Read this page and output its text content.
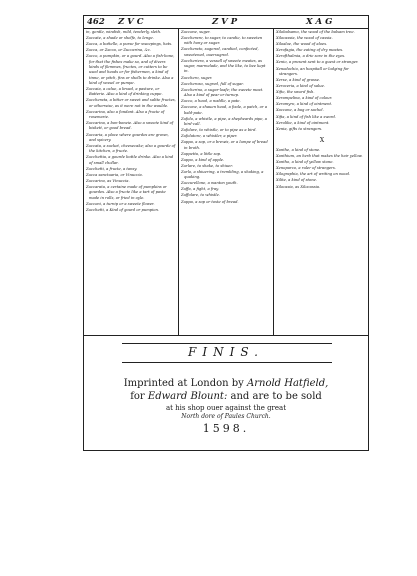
462 Z V C	Z V P	X A G

in, gentle, windish, mild, tenderly, sleth.

Zuccate, a shade or shelfe, to lenge.

Zucca, a bottelle, a purse for sweepings, hats.

Zucca, or Zacca, or Zuccarina, &c.

Zucco, a pumpkin, or a gourd. Also a fish-bone, for that the fishes make so, and of divers kinds of flemmes, fructes, or cutters to be used and heads or for fishermen, a kind of tinne, or pitch, fins or shells to drinke. Also a kind of vessel or pumpe.

Zuccaia, a calue, a broad, a pasture, or Batterie. Also a kind of drinking cuppe.

Zuccherata, a bitter or sweet and saltte fructes, or otherwise, as it were not in the woulde.

Zuccarina, also a fondant. Also a fructe of rosemarie.

Zuccarina, a bon-boneie. Also a sweete kind of biskett, or good bread.

Zuccaria, a place where gourdes are grown, and spicery.

Zuccata, a sucket, cheesecake; also a gourde of the kitchen, a fructe.

Zucchettia, a gourde bottle drinke. Also a kind of small chollar.

Zucchetti, a fructe, a tansy.

Zucca sanctuaria, or Vinuccia.

Zuccarino, as Vinuccia.

Zuccarata, a certaine made of pumpkins or gourdes. Also a fructe like a tart of paste made in rolls, or fried in oyle.

Zucconi, a turnip or a sweete flower.

Zucchetti, a Kind of gourd or pumpion.

Zuccone, suger.

Zuccherare, to sugar, to candie, to sweeten with hony or sugar.

Zuccherato, sugered, candied, confected, sweetened, ouersugred.

Zuccheriera, a vessell of sweete meates, as sugar, marmelade, and the like, to bee kept in.

Zucchero, suger.

Zuccheroso, sugred, full of sugar.

Zuccherino, a sugar-loafe; the sweete meat. Also a kind of pear or turnep.

Zucco, a head, a noddle, a pate.

Zuccone, a shauen head, a foole, a patch, or a bald-pate.

Zufolo, a whistle, a pipe, a shepheards pipe, a bird-call.

Zufolare, to whistle, or to pipe as a bird.

Zufolatore, a whistler, a piper.

Zuppa, a sop, or a brewis, or a lumpe of bread in broth.

Zuppetta, a little sop.

Zuppo, a kind of apple.

Zurlare, to shake, to shiuer.

Zurlo, a shiuering, a trembling, a shaking, a quaking.

Zuzzurellone, a wanton youth.

Zuffa, a fight, a fray.

Zuffolare, to whistle.

Zuppa, a sop or toste of bread.

Xilobalsamo, the wood of the balsam tree.

Xilocassia, the wood of cassia.

Xiloaloe, the wood of aloes.

Xerofagia, the eating of dry meates.

Xerofthalmia, a drie sore in the eyes.

Xenio, a present sent to a guest or stranger.

Xenodochio, an hospitall or lodging for strangers.

Xerxe, a kind of grasse.

Xeroceria, a kind of salue.

Xifio, the sword fish.

Xerampelina, a kind of colour.

Xeromyro, a kind of ointment.

Xaccone, a bag or sachel.

Xifia, a kind of fish like a sword.

Xerolibe, a kind of ointment.

Xenia, gifts to strangers.

X

Xanthe, a kind of stone.

Xanthium, an herb that makes the hair yellow.

Xantho, a kind of yellow stone.

Xenoparco, a ruler of strangers.

Xilographia, the art of writing on wood.

Xilite, a kind of stone.

Xilocasia, as Xilocassia.

FINIS.
Imprinted at London by Arnold Hatfield,
for Edward Blount: and are to be sold
at his shop ouer against the great
North dore of Paules Church.
1598.
